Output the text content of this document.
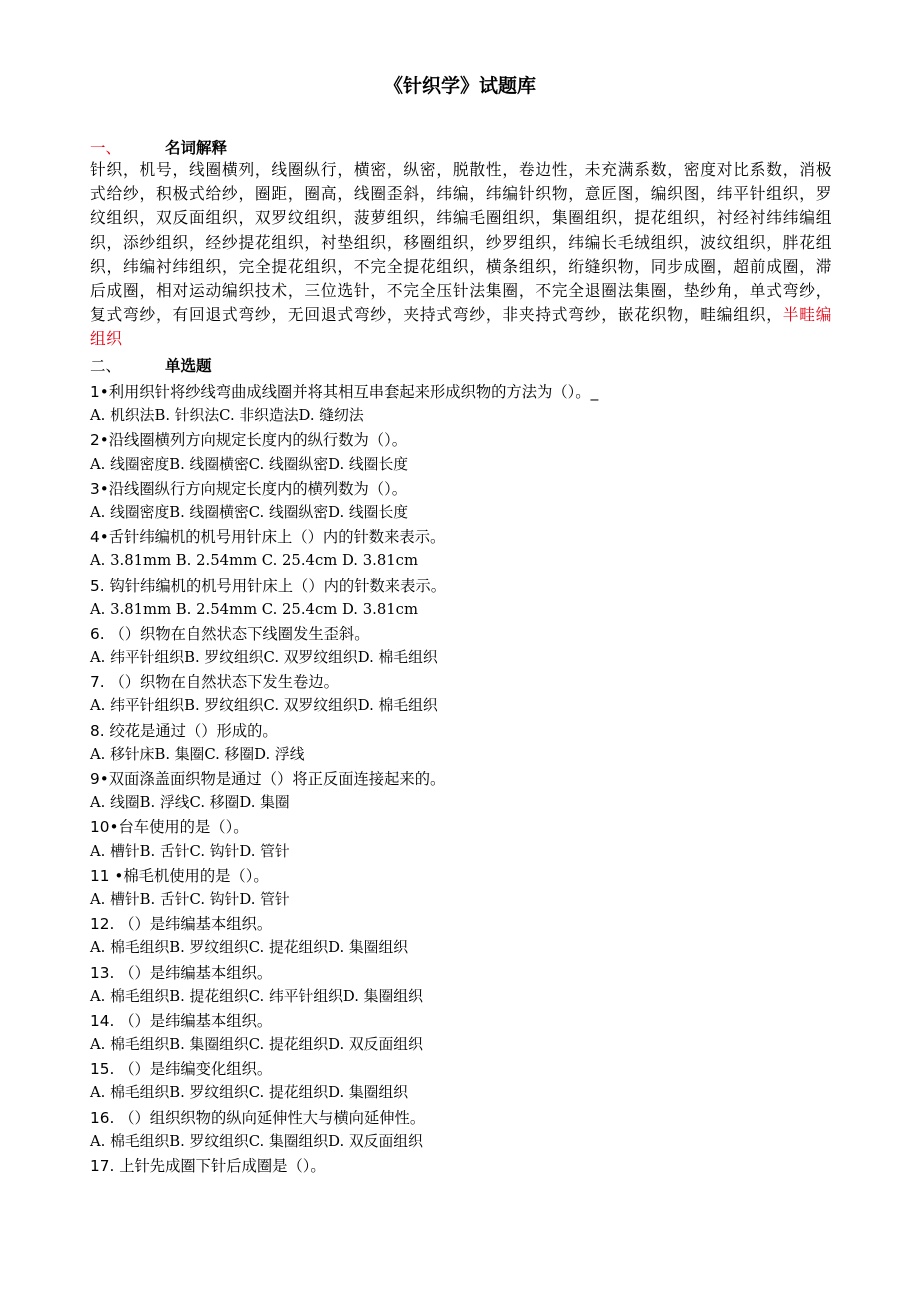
《针织学》试题库
一、	名词解释
针织，机号，线圈横列，线圈纵行，横密，纵密，脱散性，卷边性，未充满系数，密度对比系数，消极式给纱，积极式给纱，圈距，圈高，线圈歪斜，纬编，纬编针织物，意匠图，编织图，纬平针组织，罗纹组织，双反面组织，双罗纹组织，菠萝组织，纬编毛圈组织，集圈组织，提花组织，衬经衬纬纬编组织，添纱组织，经纱提花组织，衬垫组织，移圈组织，纱罗组织，纬编长毛绒组织，波纹组织，胖花组织，纬编衬纬组织，完全提花组织，不完全提花组织，横条组织，绗缝织物，同步成圈，超前成圈，滞后成圈，相对运动编织技术，三位选针，不完全压针法集圈，不完全退圈法集圈，垫纱角，单式弯纱，复式弯纱，有回退式弯纱，无回退式弯纱，夹持式弯纱，非夹持式弯纱，嵌花织物，畦编组织，半畦编组织
二、	单选题
1•利用织针将纱线弯曲成线圈并将其相互串套起来形成织物的方法为（）。_
A. 机织法B. 针织法C. 非织造法D. 缝纫法
2•沿线圈横列方向规定长度内的纵行数为（）。
A. 线圈密度B. 线圈横密C. 线圈纵密D. 线圈长度
3•沿线圈纵行方向规定长度内的横列数为（）。
A. 线圈密度B. 线圈横密C. 线圈纵密D. 线圈长度
4•舌针纬编机的机号用针床上（）内的针数来表示。
A. 3.81mm B. 2.54mm C. 25.4cm D. 3.81cm
5. 钩针纬编机的机号用针床上（）内的针数来表示。
A. 3.81mm B. 2.54mm C. 25.4cm D. 3.81cm
6. （）织物在自然状态下线圈发生歪斜。
A. 纬平针组织B. 罗纹组织C. 双罗纹组织D. 棉毛组织
7. （）织物在自然状态下发生卷边。
A. 纬平针组织B. 罗纹组织C. 双罗纹组织D. 棉毛组织
8. 绞花是通过（）形成的。
A. 移针床B. 集圈C. 移圈D. 浮线
9•双面涤盖面织物是通过（）将正反面连接起来的。
A. 线圈B. 浮线C. 移圈D. 集圈
10•台车使用的是（）。
A. 槽针B. 舌针C. 钩针D. 管针
11 •棉毛机使用的是（）。
A. 槽针B. 舌针C. 钩针D. 管针
12. （）是纬编基本组织。
A. 棉毛组织B. 罗纹组织C. 提花组织D. 集圈组织
13. （）是纬编基本组织。
A. 棉毛组织B. 提花组织C. 纬平针组织D. 集圈组织
14. （）是纬编基本组织。
A. 棉毛组织B. 集圈组织C. 提花组织D. 双反面组织
15. （）是纬编变化组织。
A. 棉毛组织B. 罗纹组织C. 提花组织D. 集圈组织
16. （）组织织物的纵向延伸性大与横向延伸性。
A. 棉毛组织B. 罗纹组织C. 集圈组织D. 双反面组织
17. 上针先成圈下针后成圈是（）。
